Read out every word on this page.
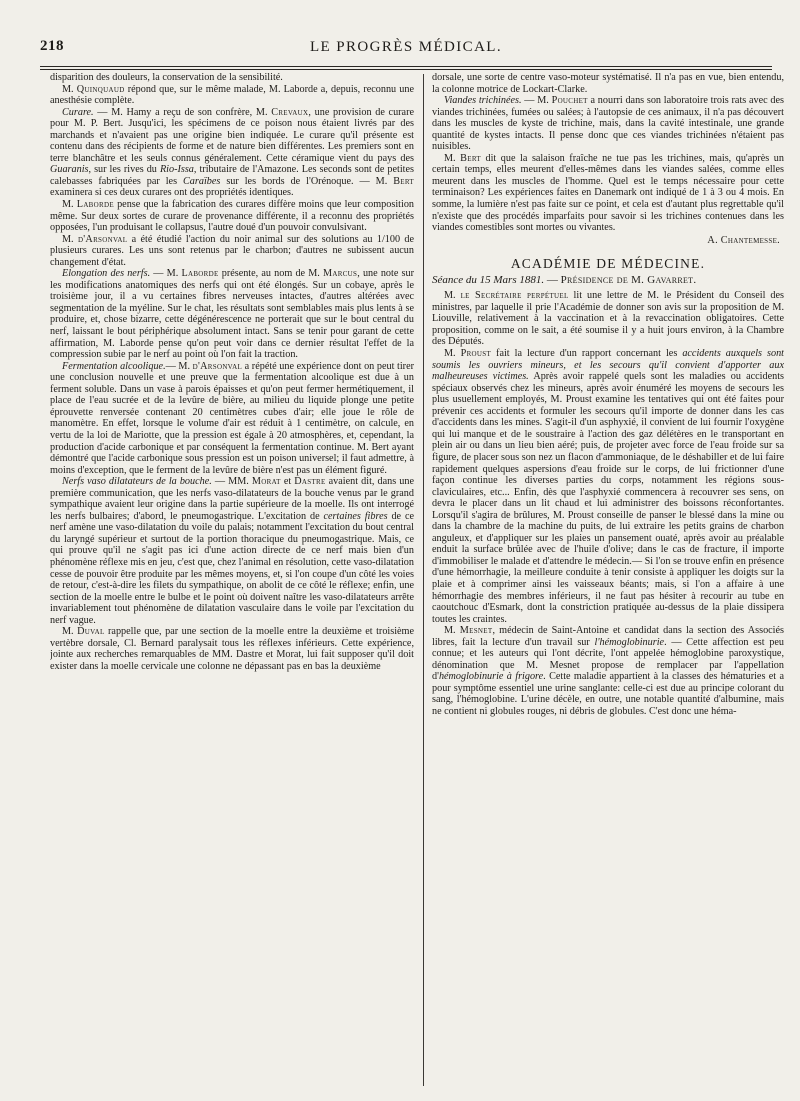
218	LE PROGRÈS MÉDICAL.

disparition des douleurs, la conservation de la sensibilité.

M. Quinquaud répond que, sur le même malade, M. Laborde a, depuis, reconnu une anesthésie complète.

Curare. — M. Hamy a reçu de son confrère, M. Crevaux, une provision de curare pour M. P. Bert. Jusqu'ici, les spécimens de ce poison nous étaient livrés par des marchands et n'avaient pas une origine bien indiquée. Le curare qu'il présente est contenu dans des récipients de forme et de nature bien différentes. Les premiers sont en terre blanchâtre et les seuls connus généralement. Cette céramique vient du pays des Guaranis, sur les rives du Rio-Issa, tributaire de l'Amazone. Les seconds sont de petites calebasses fabriquées par les Caraïbes sur les bords de l'Orénoque. — M. Bert examinera si ces deux curares ont des propriétés identiques.

M. Laborde pense que la fabrication des curares diffère moins que leur composition même. Sur deux sortes de curare de provenance différente, il a reconnu des propriétés opposées, l'un produisant le collapsus, l'autre doué d'un pouvoir convulsivant.

M. d'Arsonval a été étudié l'action du noir animal sur des solutions au 1/100 de plusieurs curares. Les uns sont retenus par le charbon; d'autres ne subissent aucun changement d'état.

Elongation des nerfs. — M. Laborde présente, au nom de M. Marcus, une note sur les modifications anatomiques des nerfs qui ont été élongés. Sur un cobaye, après le troisième jour, il a vu certaines fibres nerveuses intactes, d'autres altérées avec segmentation de la myéline. Sur le chat, les résultats sont semblables mais plus lents à se produire, et, chose bizarre, cette dégénérescence ne porterait que sur le bout central du nerf, laissant le bout périphérique absolument intact. Sans se tenir pour garant de cette affirmation, M. Laborde pense qu'on peut voir dans ce dernier résultat l'effet de la compression subie par le nerf au point où l'on fait la traction.

Fermentation alcoolique.— M. d'Arsonval a répété une expérience dont on peut tirer une conclusion nouvelle et une preuve que la fermentation alcoolique est due à un ferment soluble. Dans un vase à parois épaisses et qu'on peut fermer hermétiquement, il place de l'eau sucrée et de la levûre de bière, au milieu du liquide plonge une petite éprouvette renversée contenant 20 centimètres cubes d'air; elle joue le rôle de manomètre. En effet, lorsque le volume d'air est réduit à 1 centimètre, on calcule, en vertu de la loi de Mariotte, que la pression est égale à 20 atmosphères, et, cependant, la production d'acide carbonique et par conséquent la fermentation continue. M. Bert ayant démontré que l'acide carbonique sous pression est un poison universel; il faut admettre, à moins d'exception, que le ferment de la levûre de bière n'est pas un élément figuré.

Nerfs vaso dilatateurs de la bouche. — MM. Morat et Dastre avaient dit, dans une première communication, que les nerfs vaso-dilatateurs de la bouche venus par le grand sympathique avaient leur origine dans la partie supérieure de la moelle. Ils ont interrogé les nerfs bulbaires; d'abord, le pneumogastrique. L'excitation de certaines fibres de ce nerf amène une vaso-dilatation du voile du palais; notamment l'excitation du bout central du laryngé supérieur et surtout de la portion thoracique du pneumogastrique. Mais, ce qui prouve qu'il ne s'agit pas ici d'une action directe de ce nerf mais bien d'un phénomène réflexe mis en jeu, c'est que, chez l'animal en résolution, cette vaso-dilatation cesse de pouvoir être produite par les mêmes moyens, et, si l'on coupe d'un côté les voies de retour, c'est-à-dire les filets du sympathique, on abolit de ce côté le réflexe; enfin, une section de la moelle entre le bulbe et le point où doivent naître les vaso-dilatateurs arrête invariablement tout phénomène de dilatation vasculaire dans le voile par l'excitation du nerf vague.

M. Duval rappelle que, par une section de la moelle entre la deuxième et troisième vertèbre dorsale, Cl. Bernard paralysait tous les réflexes inférieurs. Cette expérience, jointe aux recherches remarquables de MM. Dastre et Morat, lui fait supposer qu'il doit exister dans la moelle cervicale une colonne ne dépassant pas en bas la deuxième

dorsale, une sorte de centre vaso-moteur systématisé. Il n'a pas en vue, bien entendu, la colonne motrice de Lockart-Clarke.

Viandes trichinées. — M. Pouchet a nourri dans son laboratoire trois rats avec des viandes trichinées, fumées ou salées; à l'autopsie de ces animaux, il n'a pas découvert dans les muscles de kyste de trichine, mais, dans la cavité intestinale, une grande quantité de kystes intacts. Il pense donc que ces viandes trichinées n'étaient pas nuisibles.

M. Bert dit que la salaison fraîche ne tue pas les trichines, mais, qu'après un certain temps, elles meurent d'elles-mêmes dans les viandes salées, comme elles meurent dans les muscles de l'homme. Quel est le temps nécessaire pour cette terminaison? Les expériences faites en Danemark ont indiqué de 1 à 3 ou 4 mois. En somme, la lumière n'est pas faite sur ce point, et cela est d'autant plus regrettable qu'il n'existe que des procédés imparfaits pour savoir si les trichines contenues dans les viandes comestibles sont mortes ou vivantes.

A. Chantemesse.

ACADÉMIE DE MÉDECINE.

Séance du 15 Mars 1881. — Présidence de M. Gavarret.

M. le Secrétaire perpétuel lit une lettre de M. le Président du Conseil des ministres, par laquelle il prie l'Académie de donner son avis sur la proposition de M. Liouville, relativement à la vaccination et à la revaccination obligatoires. Cette proposition, comme on le sait, a été soumise il y a huit jours environ, à la Chambre des Députés.

M. Proust fait la lecture d'un rapport concernant les accidents auxquels sont soumis les ouvriers mineurs, et les secours qu'il convient d'apporter aux malheureuses victimes. Après avoir rappelé quels sont les maladies ou accidents spéciaux observés chez les mineurs, après avoir énuméré les moyens de secours les plus usuellement employés, M. Proust examine les tentatives qui ont été faites pour prévenir ces accidents et formuler les secours qu'il importe de donner dans les cas d'accidents dans les mines. S'agit-il d'un asphyxié, il convient de lui fournir l'oxygène qui lui manque et de le soustraire à l'action des gaz délétères en le transportant en plein air ou dans un lieu bien aéré; puis, de projeter avec force de l'eau froide sur sa figure, de placer sous son nez un flacon d'ammoniaque, de le déshabiller et de lui faire rapidement quelques aspersions d'eau froide sur le corps, de lui frictionner d'une façon continue les diverses parties du corps, notamment les régions sous-claviculaires, etc... Enfin, dès que l'asphyxié commencera à recouvrer ses sens, on devra le placer dans un lit chaud et lui administrer des boissons réconfortantes. Lorsqu'il s'agira de brûlures, M. Proust conseille de panser le blessé dans la mine ou dans la chambre de la machine du puits, de lui extraire les petits grains de charbon anguleux, et d'appliquer sur les plaies un pansement ouaté, après avoir au préalable enduit la surface brûlée avec de l'huile d'olive; dans le cas de fracture, il importe d'immobiliser le malade et d'attendre le médecin.— Si l'on se trouve enfin en présence d'une hémorrhagie, la meilleure conduite à tenir consiste à appliquer les doigts sur la plaie et à comprimer ainsi les vaisseaux béants; mais, si l'on a affaire à une hémorrhagie des membres inférieurs, il ne faut pas hésiter à recourir au tube en caoutchouc d'Esmark, dont la constriction pratiquée au-dessus de la plaie dissipera toutes les craintes.

M. Mesnet, médecin de Saint-Antoine et candidat dans la section des Associés libres, fait la lecture d'un travail sur l'hémoglobinurie. — Cette affection est peu connue; et les auteurs qui l'ont décrite, l'ont appelée hémoglobine paroxystique, dénomination que M. Mesnet propose de remplacer par l'appellation d'hémoglobinurie à frigore. Cette maladie appartient à la classes des hématuries et a pour symptôme essentiel une urine sanglante: celle-ci est due au principe colorant du sang, l'hémoglobine. L'urine décèle, en outre, une notable quantité d'albumine, mais ne contient ni globules rouges, ni débris de globules. C'est donc une héma-
